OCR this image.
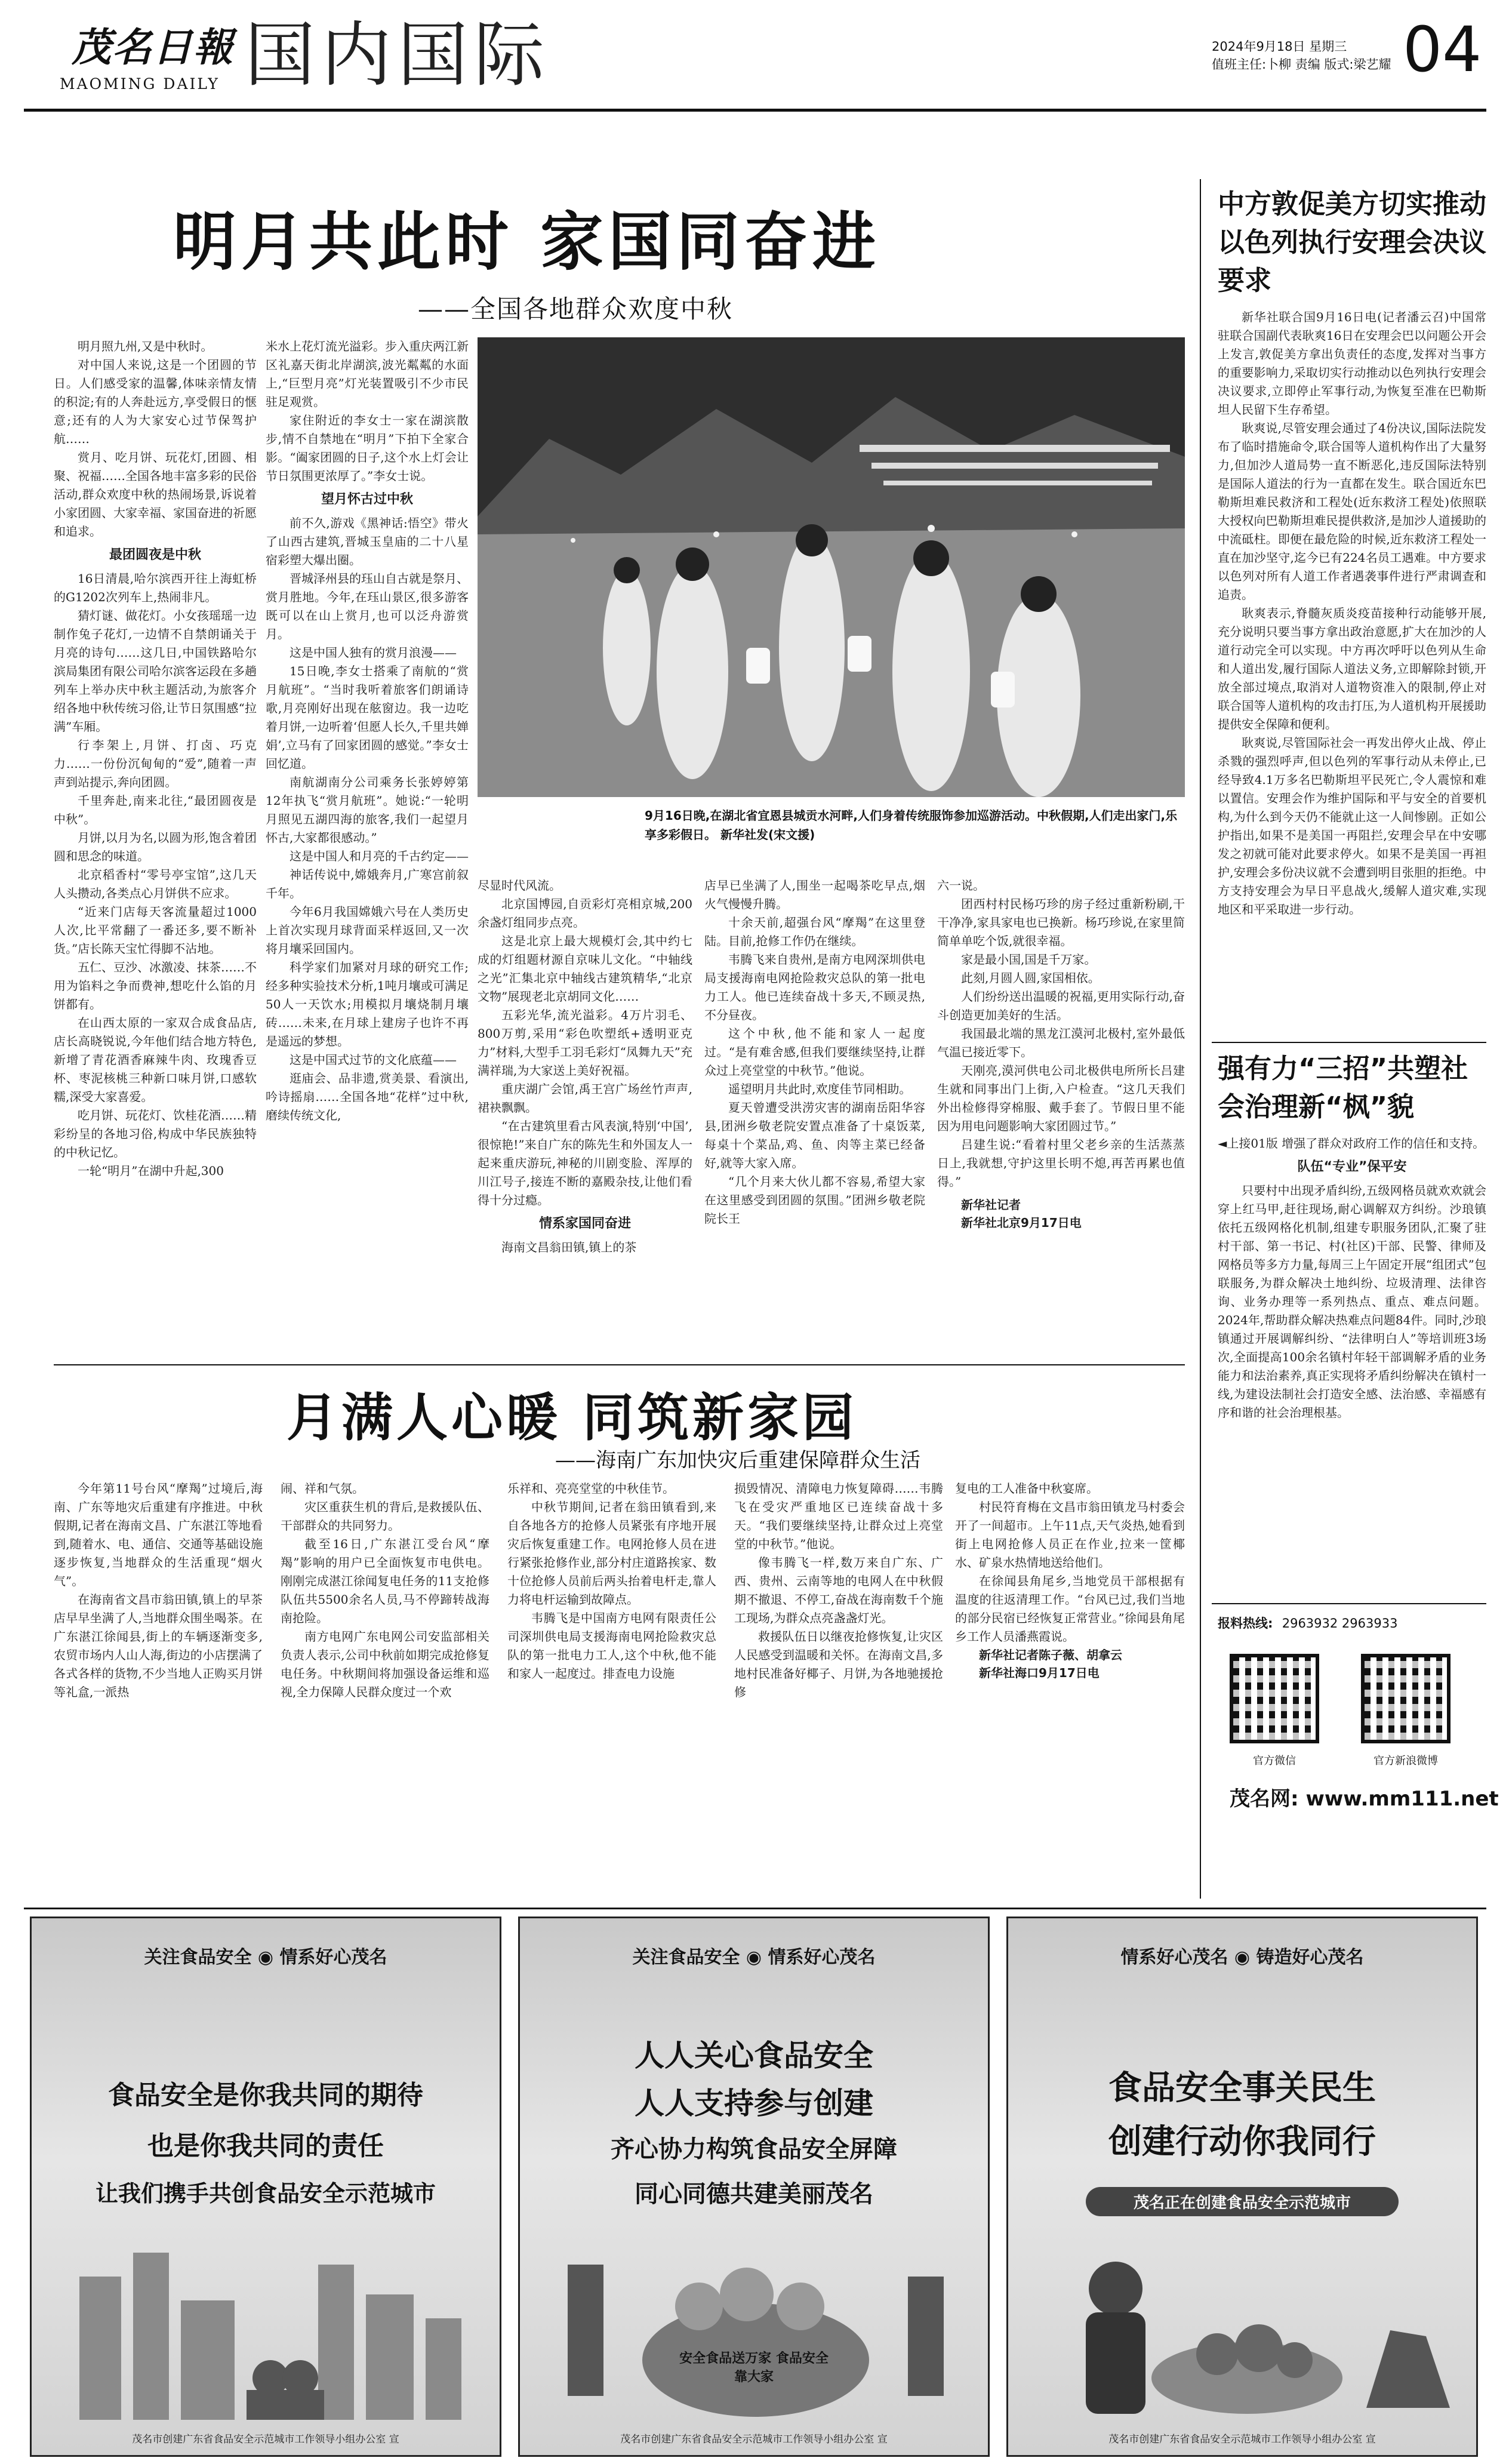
茂名日報
MAOMING DAILY 国内国际	2024年9月18日 星期三
值班主任:卜柳 责编 版式:梁艺耀 04
明月共此时 家国同奋进
——全国各地群众欢度中秋
9月16日晚,在湖北省宜恩县城贡水河畔,人们身着传统服饰参加巡游活动。中秋假期,人们走出家门,乐享多彩假日。 新华社发(宋文援)

明月照九州,又是中秋时。

对中国人来说,这是一个团圆的节日。人们感受家的温馨,体味亲情友情的积淀;有的人奔赴远方,享受假日的惬意;还有的人为大家安心过节保驾护航……

赏月、吃月饼、玩花灯,团圆、相聚、祝福……全国各地丰富多彩的民俗活动,群众欢度中秋的热闹场景,诉说着小家团圆、大家幸福、家国奋进的祈愿和追求。

最团圆夜是中秋

16日清晨,哈尔滨西开往上海虹桥的G1202次列车上,热闹非凡。

猜灯谜、做花灯。小女孩瑶瑶一边制作兔子花灯,一边情不自禁朗诵关于月亮的诗句……这几日,中国铁路哈尔滨局集团有限公司哈尔滨客运段在多趟列车上举办庆中秋主题活动,为旅客介绍各地中秋传统习俗,让节日氛围感“拉满”车厢。

行李架上,月饼、打卤、巧克力……一份份沉甸甸的“爱”,随着一声声到站提示,奔向团圆。

千里奔赴,南来北往,“最团圆夜是中秋”。

月饼,以月为名,以圆为形,饱含着团圆和思念的味道。

北京稻香村“零号亭宝馆”,这几天人头攒动,各类点心月饼供不应求。

“近来门店每天客流量超过1000人次,比平常翻了一番还多,要不断补货。”店长陈天宝忙得脚不沾地。

五仁、豆沙、冰激凌、抹茶……不用为馅料之争而费神,想吃什么馅的月饼都有。

在山西太原的一家双合成食品店,店长高晓锐说,今年他们结合地方特色,新增了青花酒香麻辣牛肉、玫瑰香豆杯、枣泥核桃三种新口味月饼,口感软糯,深受大家喜爱。

吃月饼、玩花灯、饮桂花酒……精彩纷呈的各地习俗,构成中华民族独特的中秋记忆。

一轮“明月”在湖中升起,300

米水上花灯流光溢彩。步入重庆两江新区礼嘉天街北岸湖滨,波光粼粼的水面上,“巨型月亮”灯光装置吸引不少市民驻足观赏。

家住附近的李女士一家在湖滨散步,情不自禁地在“明月”下拍下全家合影。“阖家团圆的日子,这个水上灯会让节日氛围更浓厚了。”李女士说。

望月怀古过中秋

前不久,游戏《黑神话:悟空》带火了山西古建筑,晋城玉皇庙的二十八星宿彩塑大爆出圈。

晋城泽州县的珏山自古就是祭月、赏月胜地。今年,在珏山景区,很多游客既可以在山上赏月,也可以泛舟游赏月。

这是中国人独有的赏月浪漫——

15日晚,李女士搭乘了南航的“赏月航班”。“当时我听着旅客们朗诵诗歌,月亮刚好出现在舷窗边。我一边吃着月饼,一边听着‘但愿人长久,千里共婵娟’,立马有了回家团圆的感觉。”李女士回忆道。

南航湖南分公司乘务长张婷婷第12年执飞“赏月航班”。她说:“一轮明月照见五湖四海的旅客,我们一起望月怀古,大家都很感动。”

这是中国人和月亮的千古约定——

神话传说中,嫦娥奔月,广寒宫前叙千年。

今年6月我国嫦娥六号在人类历史上首次实现月球背面采样返回,又一次将月壤采回国内。

科学家们加紧对月球的研究工作;经多种实验技术分析,1吨月壤或可满足50人一天饮水;用模拟月壤烧制月壤砖……未来,在月球上建房子也许不再是遥远的梦想。

这是中国式过节的文化底蕴——

逛庙会、品非遗,赏美景、看演出,吟诗摇扇……全国各地“花样”过中秋,磨续传统文化,

尽显时代风流。

北京国博园,自贡彩灯亮相京城,200余盏灯组同步点亮。

这是北京上最大规模灯会,其中约七成的灯组题材源自京味儿文化。“中轴线之光”汇集北京中轴线古建筑精华,“北京文物”展现老北京胡同文化……

五彩光华,流光溢彩。4万片羽毛、800万剪,采用“彩色吹塑纸+透明亚克力”材料,大型手工羽毛彩灯“凤舞九天”充满祥瑞,为大家送上美好祝福。

重庆湖广会馆,禹王宫广场丝竹声声,裙袂飘飘。

“在古建筑里看古风表演,特别‘中国’,很惊艳!”来自广东的陈先生和外国友人一起来重庆游玩,神秘的川剧变脸、浑厚的川江号子,接连不断的嘉殿杂技,让他们看得十分过瘾。

情系家国同奋进

海南文昌翁田镇,镇上的茶

店早已坐满了人,围坐一起喝茶吃早点,烟火气慢慢升腾。

十余天前,超强台风“摩羯”在这里登陆。目前,抢修工作仍在继续。

韦腾飞来自贵州,是南方电网深圳供电局支援海南电网抢险救灾总队的第一批电力工人。他已连续奋战十多天,不顾灵热,不分昼夜。

这个中秋,他不能和家人一起度过。“是有难舍感,但我们要继续坚持,让群众过上亮堂堂的中秋节。”他说。

遥望明月共此时,欢度佳节同相助。

夏天曾遭受洪涝灾害的湖南岳阳华容县,团洲乡敬老院安置点准备了十桌饭菜,每桌十个菜品,鸡、鱼、肉等主菜已经备好,就等大家入席。

“几个月来大伙儿都不容易,希望大家在这里感受到团圆的氛围。”团洲乡敬老院院长王

六一说。

团西村村民杨巧珍的房子经过重新粉刷,干干净净,家具家电也已换新。杨巧珍说,在家里简简单单吃个饭,就很幸福。

家是最小国,国是千万家。

此刻,月圆人圆,家国相依。

人们纷纷送出温暖的祝福,更用实际行动,奋斗创造更加美好的生活。

我国最北端的黑龙江漠河北极村,室外最低气温已接近零下。

天刚亮,漠河供电公司北极供电所所长吕建生就和同事出门上街,入户检查。“这几天我们外出检修得穿棉服、戴手套了。节假日里不能因为用电问题影响大家团圆过节。”

吕建生说:“看着村里父老乡亲的生活蒸蒸日上,我就想,守护这里长明不熄,再苦再累也值得。”

新华社记者
新华社北京9月17日电
月满人心暖 同筑新家园
——海南广东加快灾后重建保障群众生活

今年第11号台风“摩羯”过境后,海南、广东等地灾后重建有序推进。中秋假期,记者在海南文昌、广东湛江等地看到,随着水、电、通信、交通等基础设施逐步恢复,当地群众的生活重现“烟火气”。

在海南省文昌市翁田镇,镇上的早茶店早早坐满了人,当地群众围坐喝茶。在广东湛江徐闻县,街上的车辆逐渐变多,农贸市场内人山人海,街边的小店摆满了各式各样的货物,不少当地人正购买月饼等礼盒,一派热

闹、祥和气氛。

灾区重获生机的背后,是救援队伍、干部群众的共同努力。

截至16日,广东湛江受台风“摩羯”影响的用户已全面恢复市电供电。刚刚完成湛江徐闻复电任务的11支抢修队伍共5500余名人员,马不停蹄转战海南抢险。

南方电网广东电网公司安监部相关负责人表示,公司中秋前如期完成抢修复电任务。中秋期间将加强设备运维和巡视,全力保障人民群众度过一个欢

乐祥和、亮亮堂堂的中秋佳节。

中秋节期间,记者在翁田镇看到,来自各地各方的抢修人员紧张有序地开展灾后恢复重建工作。电网抢修人员在进行紧张抢修作业,部分村庄道路挨家、数十位抢修人员前后两头抬着电杆走,靠人力将电杆运输到故障点。

韦腾飞是中国南方电网有限责任公司深圳供电局支援海南电网抢险救灾总队的第一批电力工人,这个中秋,他不能和家人一起度过。排查电力设施

损毁情况、清障电力恢复障碍……韦腾飞在受灾严重地区已连续奋战十多天。“我们要继续坚持,让群众过上亮堂堂的中秋节。”他说。

像韦腾飞一样,数万来自广东、广西、贵州、云南等地的电网人在中秋假期不撤退、不停工,奋战在海南数千个施工现场,为群众点亮盏盏灯光。

救援队伍日以继夜抢修恢复,让灾区人民感受到温暖和关怀。在海南文昌,多地村民准备好椰子、月饼,为各地驰援抢修

复电的工人准备中秋宴席。

村民符育梅在文昌市翁田镇龙马村委会开了一间超市。上午11点,天气炎热,她看到街上电网抢修人员正在作业,拉来一筐椰水、矿泉水热情地送给他们。

在徐闻县角尾乡,当地党员干部根据有温度的往返清理工作。“台风已过,我们当地的部分民宿已经恢复正常营业。”徐闻县角尾乡工作人员潘燕霞说。

新华社记者陈子薇、胡拿云
新华社海口9月17日电
中方敦促美方切实推动以色列执行安理会决议要求

新华社联合国9月16日电(记者潘云召)中国常驻联合国副代表耿爽16日在安理会巴以问题公开会上发言,敦促美方拿出负责任的态度,发挥对当事方的重要影响力,采取切实行动推动以色列执行安理会决议要求,立即停止军事行动,为恢复至准在巴勒斯坦人民留下生存希望。

耿爽说,尽管安理会通过了4份决议,国际法院发布了临时措施命令,联合国等人道机构作出了大量努力,但加沙人道局势一直不断恶化,违反国际法特别是国际人道法的行为一直都在发生。联合国近东巴勒斯坦难民救济和工程处(近东救济工程处)依照联大授权向巴勒斯坦难民提供救济,是加沙人道援助的中流砥柱。即便在最危险的时候,近东救济工程处一直在加沙坚守,迄今已有224名员工遇难。中方要求以色列对所有人道工作者遇袭事件进行严肃调查和追责。

耿爽表示,脊髓灰质炎疫苗接种行动能够开展,充分说明只要当事方拿出政治意愿,扩大在加沙的人道行动完全可以实现。中方再次呼吁以色列从生命和人道出发,履行国际人道法义务,立即解除封锁,开放全部过境点,取消对人道物资准入的限制,停止对联合国等人道机构的攻击打压,为人道机构开展援助提供安全保障和便利。

耿爽说,尽管国际社会一再发出停火止战、停止杀戮的强烈呼声,但以色列的军事行动从未停止,已经导致4.1万多名巴勒斯坦平民死亡,令人震惊和难以置信。安理会作为维护国际和平与安全的首要机构,为什么到今天仍不能就止这一人间惨剧。正如公护指出,如果不是美国一再阻拦,安理会早在中安哪发之初就可能对此要求停火。如果不是美国一再袒护,安理会多份决议就不会遭到明目张胆的拒绝。中方支持安理会为早日平息战火,缓解人道灾难,实现地区和平采取进一步行动。

强有力“三招”共塑社会治理新“枫”貌

◄上接01版 增强了群众对政府工作的信任和支持。

队伍“专业”保平安

只要村中出现矛盾纠纷,五级网格员就欢欢就会穿上红马甲,赶往现场,耐心调解双方纠纷。沙琅镇依托五级网格化机制,组建专职服务团队,汇聚了驻村干部、第一书记、村(社区)干部、民警、律师及网格员等多方力量,每周三上午固定开展“组团式”包联服务,为群众解决土地纠纷、垃圾清理、法律咨询、业务办理等一系列热点、重点、难点问题。2024年,帮助群众解决热难点问题84件。同时,沙琅镇通过开展调解纠纷、“法律明白人”等培训班3场次,全面提高100余名镇村年轻干部调解矛盾的业务能力和法治素养,真正实现将矛盾纠纷解决在镇村一线,为建设法制社会打造安全感、法治感、幸福感有序和谐的社会治理根基。

报料热线: 2963932 2963933
官方微信	官方新浪微博
茂名网: www.mm111.net
关注食品安全 ◉ 情系好心茂名
食品安全是你我共同的期待
也是你我共同的责任
让我们携手共创食品安全示范城市
茂名市创建广东省食品安全示范城市工作领导小组办公室 宣
关注食品安全 ◉ 情系好心茂名
人人关心食品安全
人人支持参与创建
齐心协力构筑食品安全屏障
同心同德共建美丽茂名
安全食品送万家 食品安全靠大家
茂名市创建广东省食品安全示范城市工作领导小组办公室 宣
情系好心茂名 ◉ 铸造好心茂名
食品安全事关民生
创建行动你我同行
茂名正在创建食品安全示范城市
茂名市创建广东省食品安全示范城市工作领导小组办公室 宣
